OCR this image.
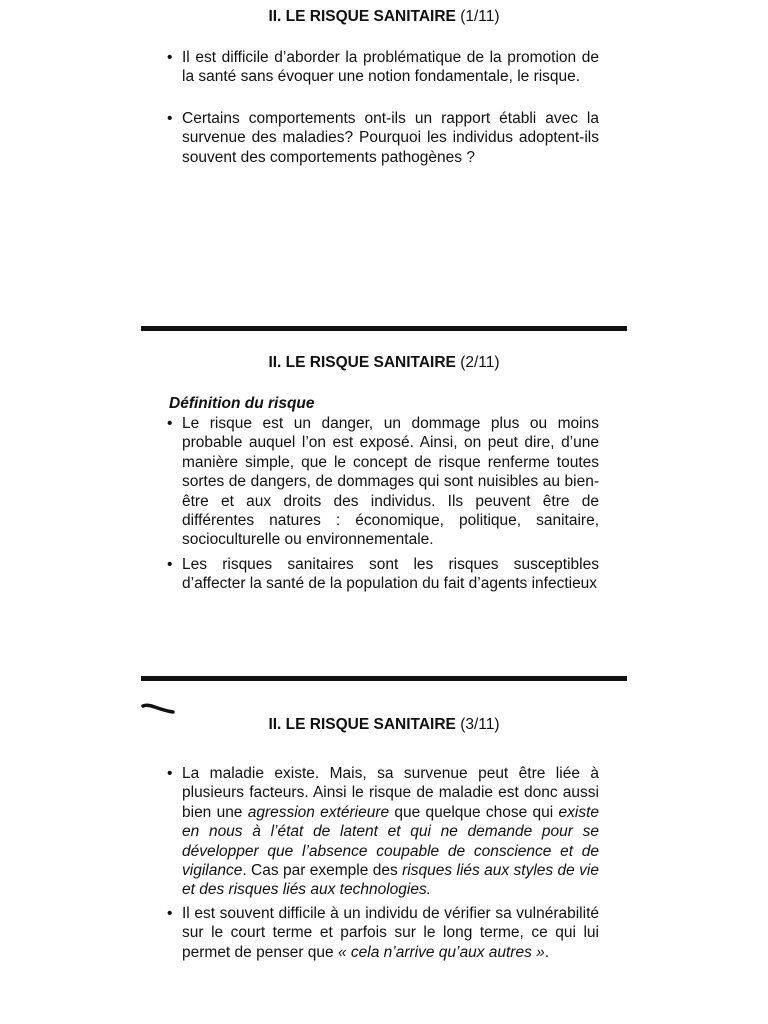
II. LE RISQUE SANITAIRE (1/11)
• Il est difficile d’aborder la problématique de la promotion de la santé sans évoquer une notion fondamentale, le risque.
• Certains comportements ont-ils un rapport établi avec la survenue des maladies? Pourquoi les individus adoptent-ils souvent des comportements pathogènes ?
II. LE RISQUE SANITAIRE (2/11)

Définition du risque

• Le risque est un danger, un dommage plus ou moins probable auquel l’on est exposé. Ainsi, on peut dire, d’une manière simple, que le concept de risque renferme toutes sortes de dangers, de dommages qui sont nuisibles au bien-être et aux droits des individus. Ils peuvent être de différentes natures : économique, politique, sanitaire, socioculturelle ou environnementale.
• Les risques sanitaires sont les risques susceptibles d’affecter la santé de la population du fait d’agents infectieux
II. LE RISQUE SANITAIRE (3/11)
• La maladie existe. Mais, sa survenue peut être liée à plusieurs facteurs. Ainsi le risque de maladie est donc aussi bien une agression extérieure que quelque chose qui existe en nous à l’état de latent et qui ne demande pour se développer que l’absence coupable de conscience et de vigilance. Cas par exemple des risques liés aux styles de vie et des risques liés aux technologies.
• Il est souvent difficile à un individu de vérifier sa vulnérabilité sur le court terme et parfois sur le long terme, ce qui lui permet de penser que « cela n’arrive qu’aux autres ».
